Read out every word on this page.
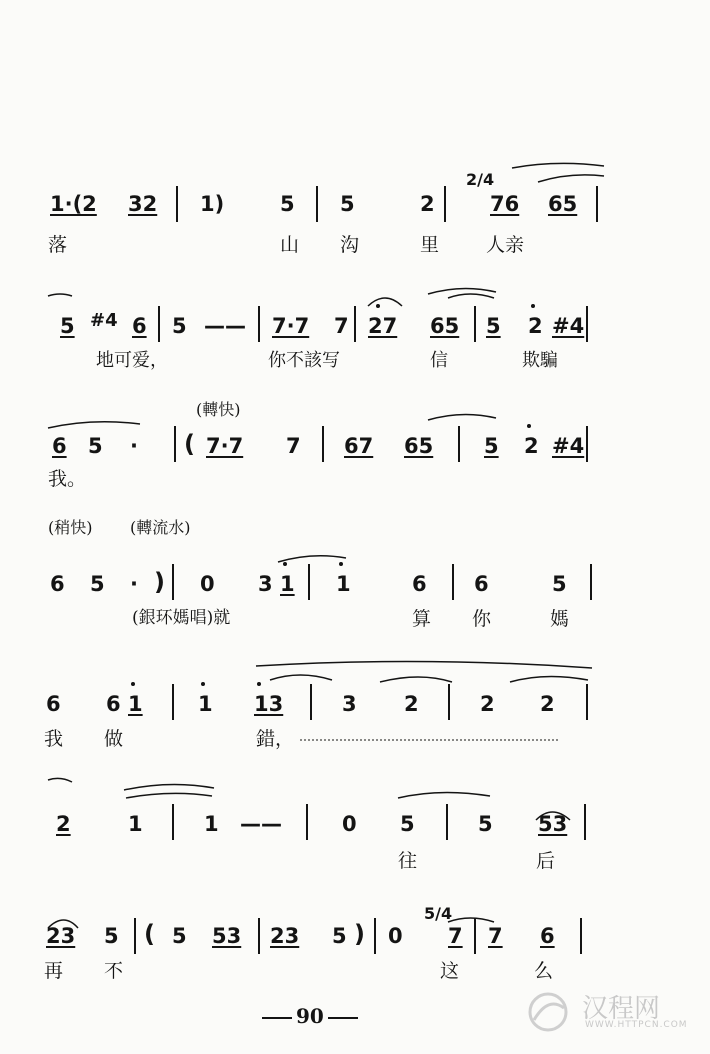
1·(2 32 1)	5 5	2
2/4
76 65
落	山 沟	里 人亲
5 #4 6 5 —— 7·7 7 27 65 5 2 #4
地可爱，	你不該写	信	欺騙
(轉快)
6 5 · ( 7·7 7 67 65 5 2 #4
我。
(稍快) (轉流水)
6 5 · ) 0 3 1 1	6 6	5
(銀环媽唱)就	算 你	媽
6 6 1	1 13	3 2	2 2
我 做	錯，
2	1	1 ——	0 5	5 53
往	后
23 5 ( 5 53 23 5 ) 0
5/4
7 7 6
再 不	这	么
90	汉程网
WWW.HTTPCN.COM
